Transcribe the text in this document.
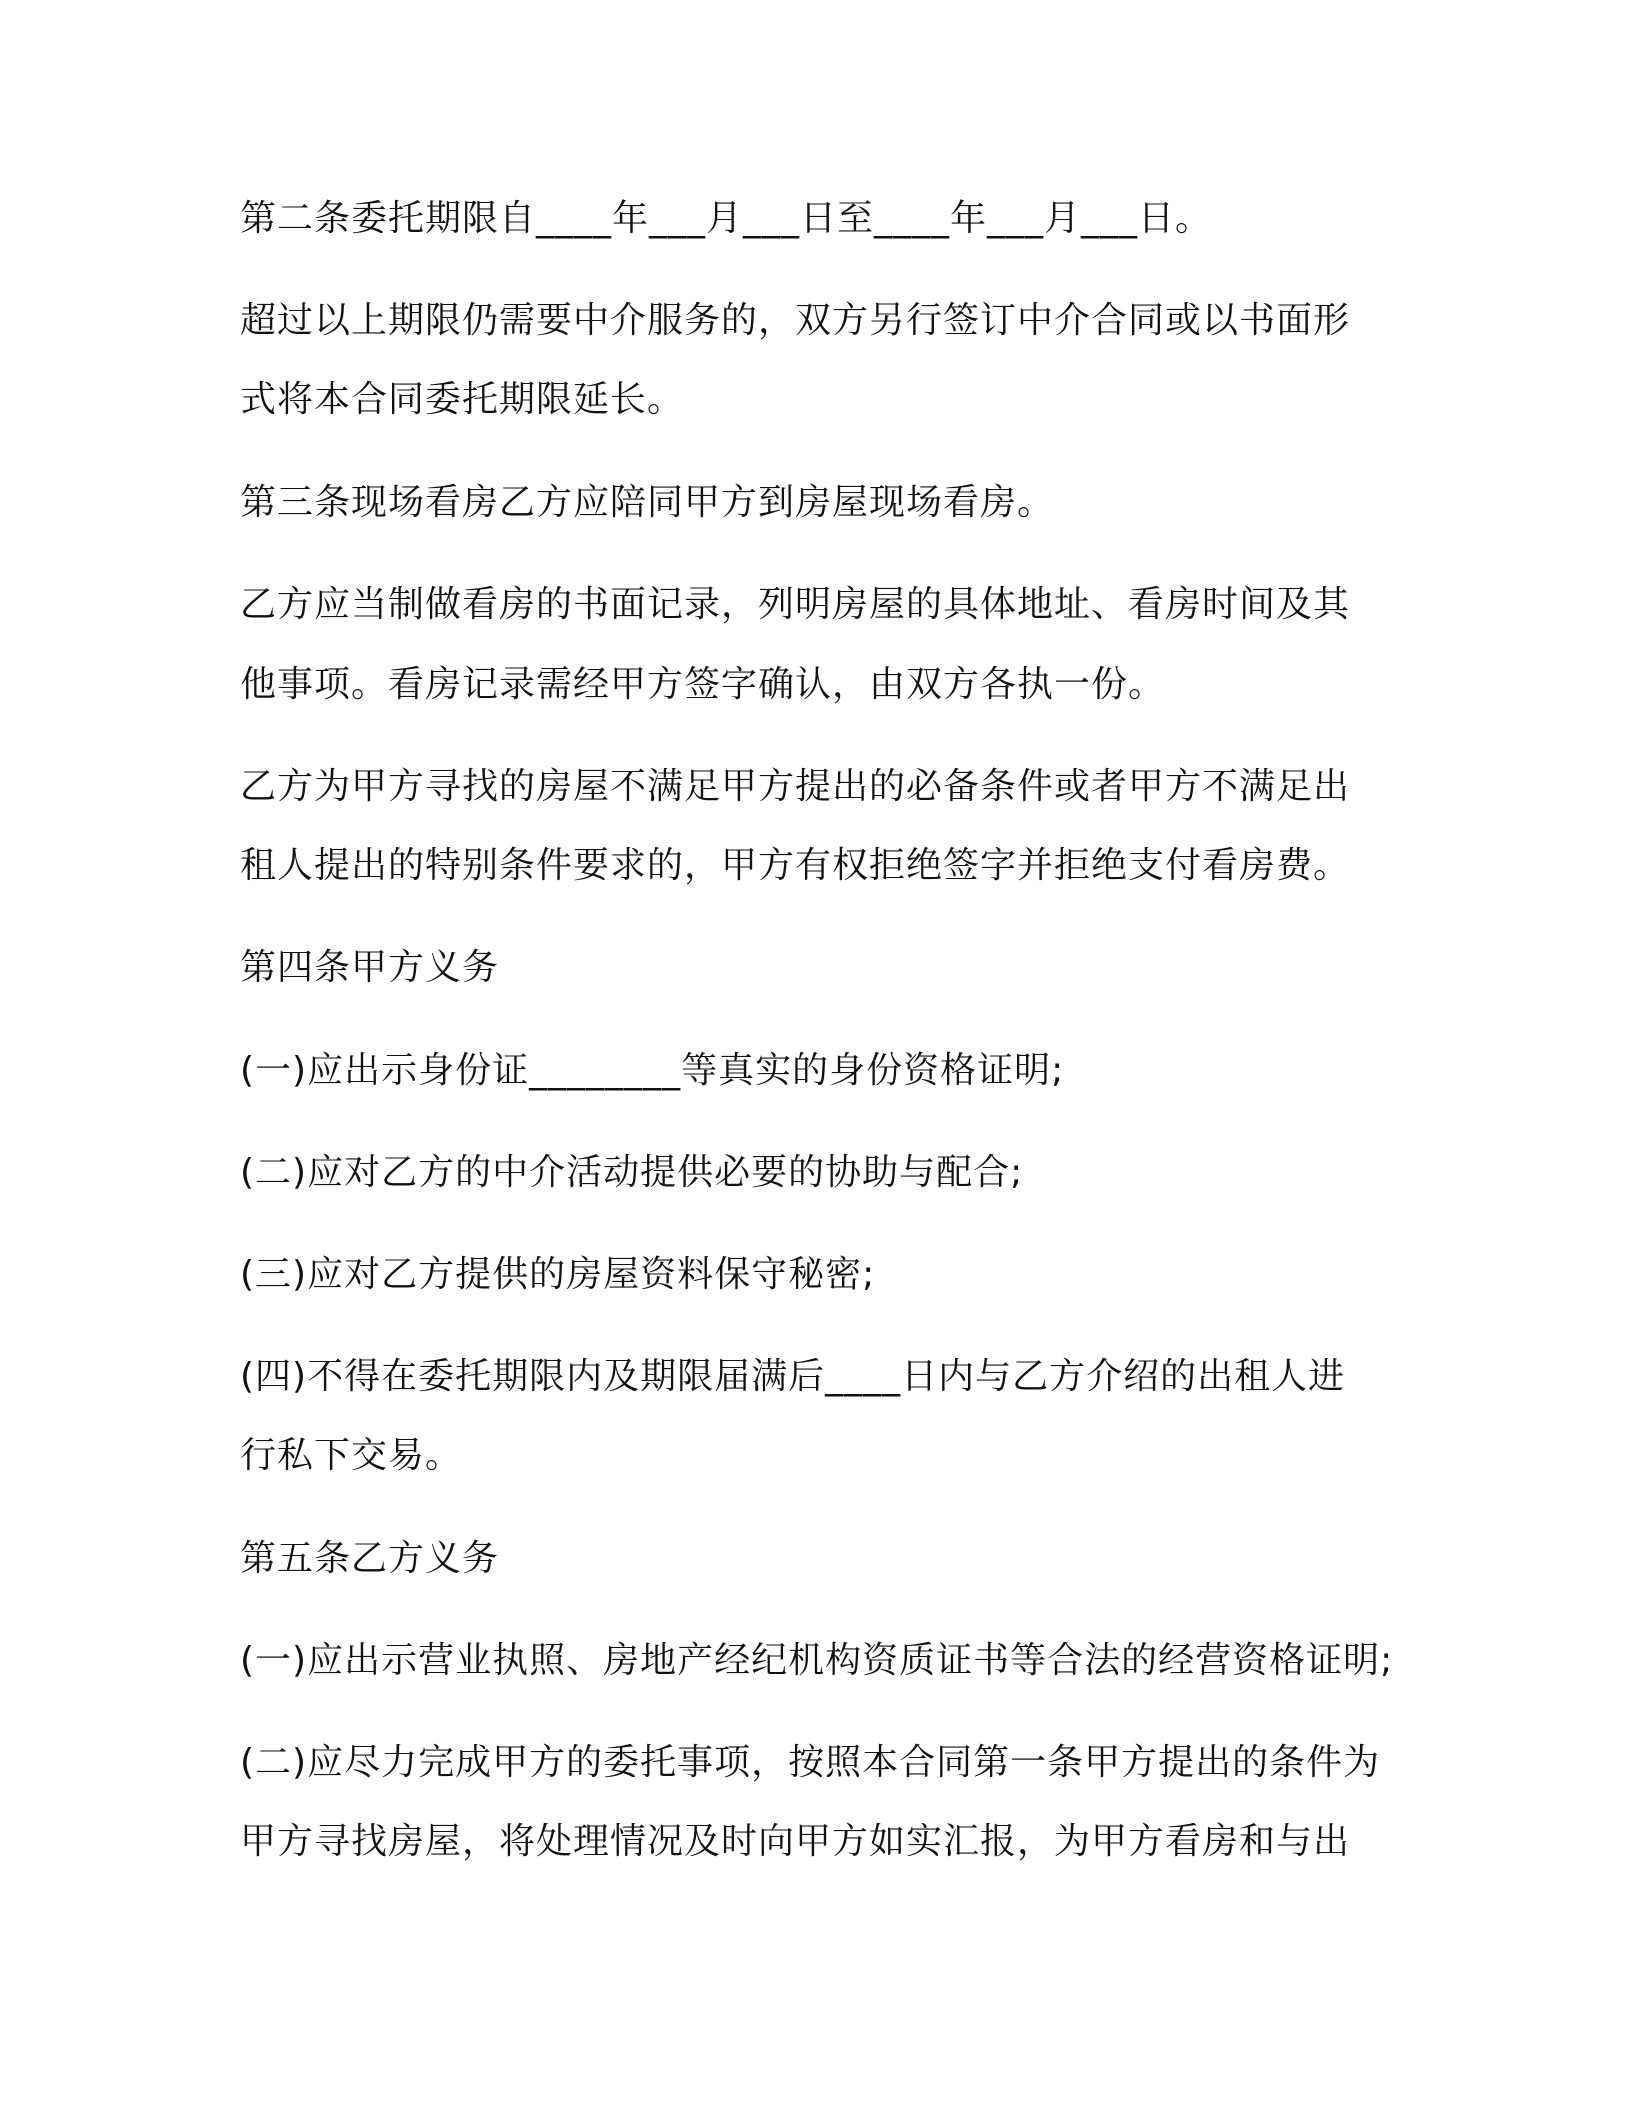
第二条委托期限自____年___月___日至____年___月___日。
超过以上期限仍需要中介服务的，双方另行签订中介合同或以书面形
式将本合同委托期限延长。
第三条现场看房乙方应陪同甲方到房屋现场看房。
乙方应当制做看房的书面记录，列明房屋的具体地址、看房时间及其
他事项。看房记录需经甲方签字确认，由双方各执一份。
乙方为甲方寻找的房屋不满足甲方提出的必备条件或者甲方不满足出
租人提出的特别条件要求的，甲方有权拒绝签字并拒绝支付看房费。
第四条甲方义务
(一)应出示身份证________等真实的身份资格证明;
(二)应对乙方的中介活动提供必要的协助与配合;
(三)应对乙方提供的房屋资料保守秘密;
(四)不得在委托期限内及期限届满后____日内与乙方介绍的出租人进
行私下交易。
第五条乙方义务
(一)应出示营业执照、房地产经纪机构资质证书等合法的经营资格证明;
(二)应尽力完成甲方的委托事项，按照本合同第一条甲方提出的条件为
甲方寻找房屋，将处理情况及时向甲方如实汇报，为甲方看房和与出
